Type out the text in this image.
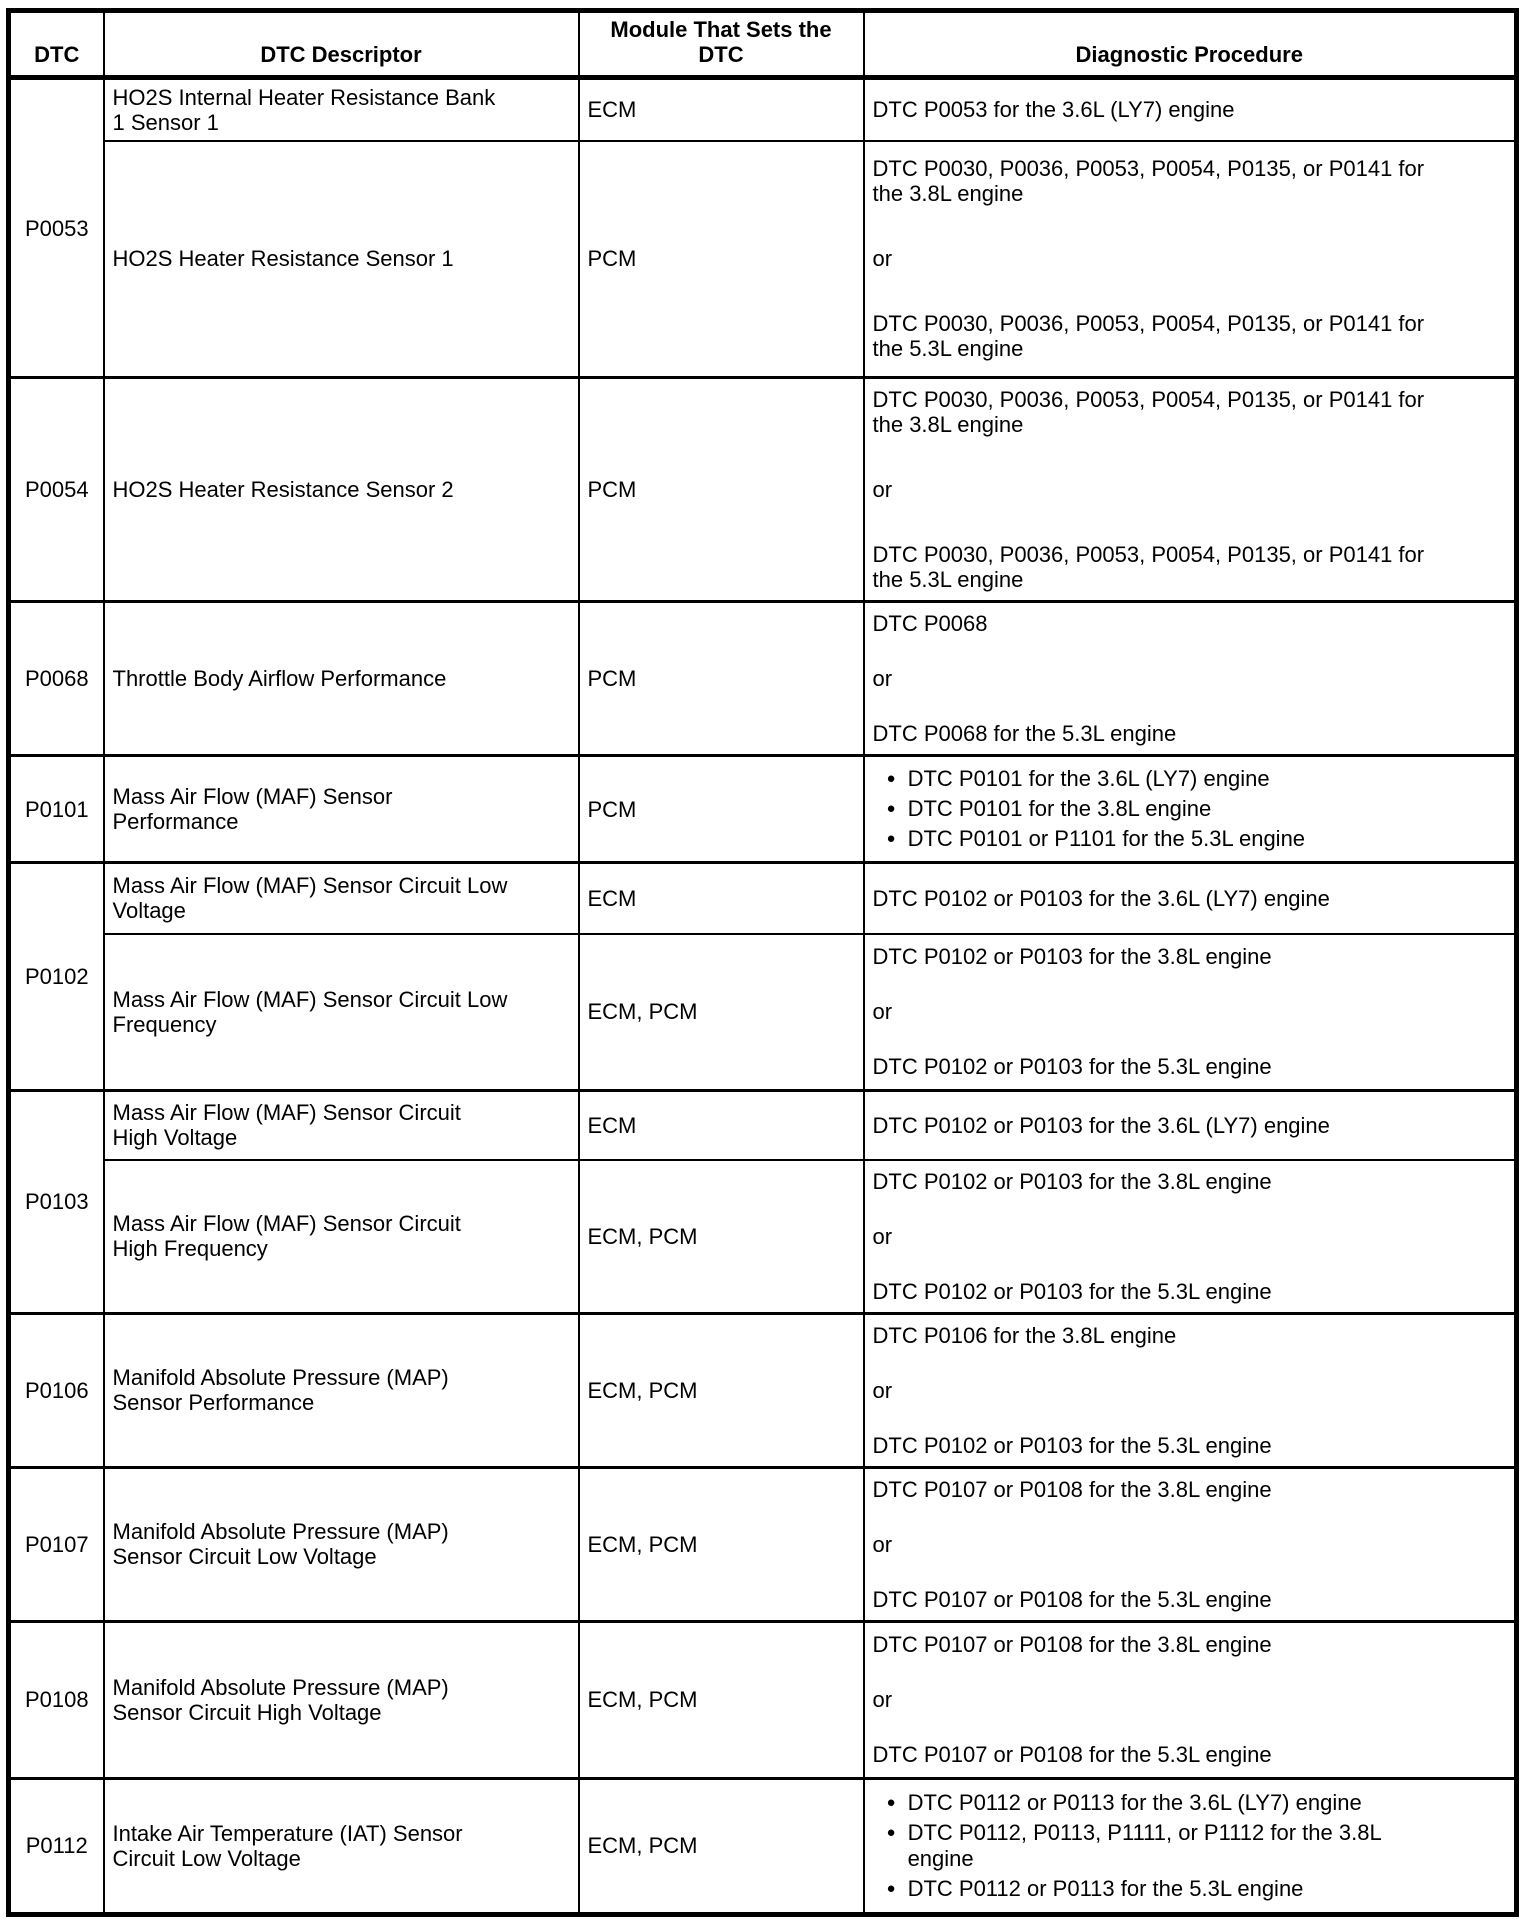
DTC	DTC Descriptor	Module That Sets the DTC	Diagnostic Procedure
P0053	HO2S Internal Heater Resistance Bank 1 Sensor 1	ECM	DTC P0053 for the 3.6L (LY7) engine

	HO2S Heater Resistance Sensor 1	PCM	DTC P0030, P0036, P0053, P0054, P0135, or P0141 for the 3.8L engine
or
DTC P0030, P0036, P0053, P0054, P0135, or P0141 for the 5.3L engine

P0054	HO2S Heater Resistance Sensor 2	PCM	DTC P0030, P0036, P0053, P0054, P0135, or P0141 for the 3.8L engine
or
DTC P0030, P0036, P0053, P0054, P0135, or P0141 for the 5.3L engine

P0068	Throttle Body Airflow Performance	PCM	DTC P0068
or
DTC P0068 for the 5.3L engine

P0101	Mass Air Flow (MAF) Sensor Performance	PCM	
● DTC P0101 for the 3.6L (LY7) engine
● DTC P0101 for the 3.8L engine
● DTC P0101 or P1101 for the 5.3L engine

P0102	Mass Air Flow (MAF) Sensor Circuit Low Voltage	ECM	DTC P0102 or P0103 for the 3.6L (LY7) engine

	Mass Air Flow (MAF) Sensor Circuit Low Frequency	ECM, PCM	DTC P0102 or P0103 for the 3.8L engine
or
DTC P0102 or P0103 for the 5.3L engine

P0103	Mass Air Flow (MAF) Sensor Circuit High Voltage	ECM	DTC P0102 or P0103 for the 3.6L (LY7) engine

	Mass Air Flow (MAF) Sensor Circuit High Frequency	ECM, PCM	DTC P0102 or P0103 for the 3.8L engine
or
DTC P0102 or P0103 for the 5.3L engine

P0106	Manifold Absolute Pressure (MAP) Sensor Performance	ECM, PCM	DTC P0106 for the 3.8L engine
or
DTC P0102 or P0103 for the 5.3L engine

P0107	Manifold Absolute Pressure (MAP) Sensor Circuit Low Voltage	ECM, PCM	DTC P0107 or P0108 for the 3.8L engine
or
DTC P0107 or P0108 for the 5.3L engine

P0108	Manifold Absolute Pressure (MAP) Sensor Circuit High Voltage	ECM, PCM	DTC P0107 or P0108 for the 3.8L engine
or
DTC P0107 or P0108 for the 5.3L engine

P0112	Intake Air Temperature (IAT) Sensor Circuit Low Voltage	ECM, PCM	
● DTC P0112 or P0113 for the 3.6L (LY7) engine
● DTC P0112, P0113, P1111, or P1112 for the 3.8L engine
● DTC P0112 or P0113 for the 5.3L engine
